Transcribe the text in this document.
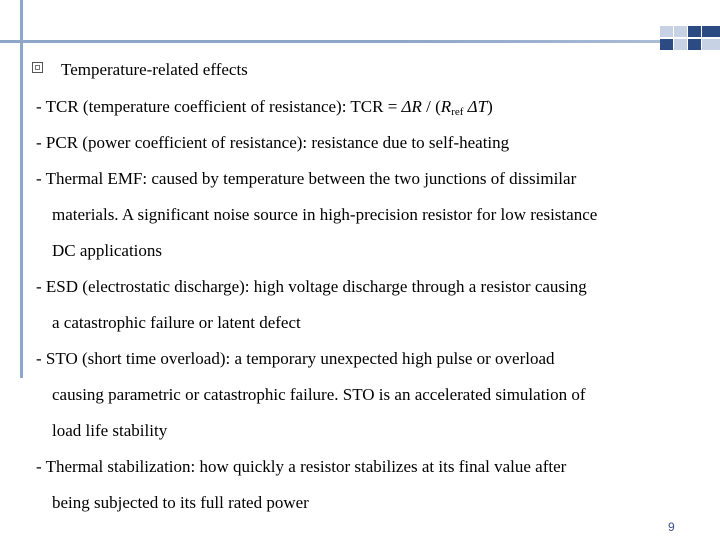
Temperature-related effects
- TCR (temperature coefficient of resistance): TCR = ΔR / (Rref ΔT)
- PCR (power coefficient of resistance): resistance due to self-heating
- Thermal EMF: caused by temperature between the two junctions of dissimilar
materials. A significant noise source in high-precision resistor for low resistance
DC applications
- ESD (electrostatic discharge): high voltage discharge through a resistor causing
a catastrophic failure or latent defect
- STO (short time overload): a temporary unexpected high pulse or overload
causing parametric or catastrophic failure. STO is an accelerated simulation of
load life stability
- Thermal stabilization: how quickly a resistor stabilizes at its final value after
being subjected to its full rated power
9
